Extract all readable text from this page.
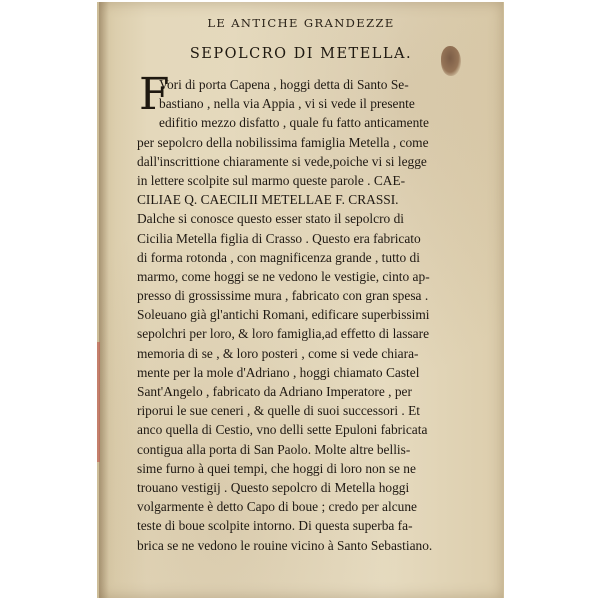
LE ANTICHE GRANDEZZE
SEPOLCRO DI METELLA.
F
Vori di porta Capena , hoggi detta di Santo Se-
bastiano , nella via Appia , vi si vede il presente
edifitio mezzo disfatto , quale fu fatto anticamente
per sepolcro della nobilissima famiglia Metella , come
dall'inscrittione chiaramente si vede,poiche vi si legge
in lettere scolpite sul marmo queste parole . CAE-
CILIAE Q. CAECILII METELLAE F. CRASSI.
Dalche si conosce questo esser stato il sepolcro di
Cicilia Metella figlia di Crasso . Questo era fabricato
di forma rotonda , con magnificenza grande , tutto di
marmo, come hoggi se ne vedono le vestigie, cinto ap-
presso di grossissime mura , fabricato con gran spesa .
Soleuano già gl'antichi Romani, edificare superbissimi
sepolchri per loro, & loro famiglia,ad effetto di lassare
memoria di se , & loro posteri , come si vede chiara-
mente per la mole d'Adriano , hoggi chiamato Castel
Sant'Angelo , fabricato da Adriano Imperatore , per
riporui le sue ceneri , & quelle di suoi successori . Et
anco quella di Cestio, vno delli sette Epuloni fabricata
contigua alla porta di San Paolo. Molte altre bellis-
sime furno à quei tempi, che hoggi di loro non se ne
trouano vestigij . Questo sepolcro di Metella hoggi
volgarmente è detto Capo di boue ; credo per alcune
teste di boue scolpite intorno. Di questa superba fa-
brica se ne vedono le rouine vicino à Santo Sebastiano.
